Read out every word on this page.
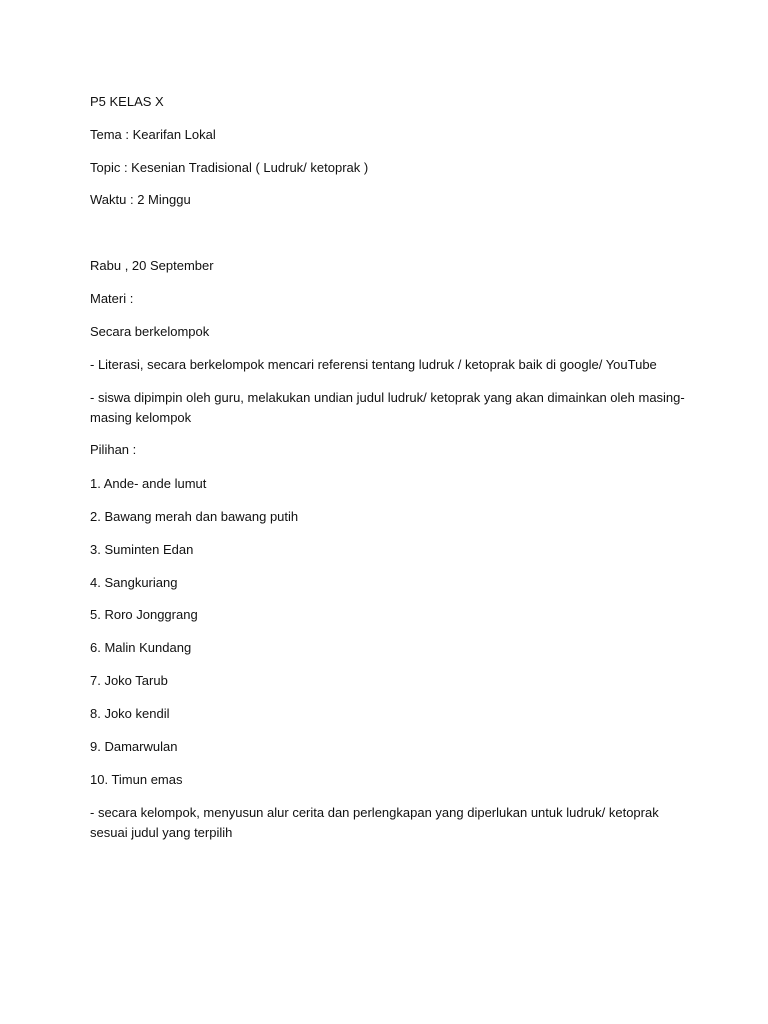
P5 KELAS X
Tema : Kearifan Lokal
Topic : Kesenian Tradisional ( Ludruk/ ketoprak )
Waktu : 2 Minggu
Rabu , 20 September
Materi :
Secara berkelompok
- Literasi, secara berkelompok mencari referensi tentang ludruk / ketoprak baik di google/ YouTube
- siswa dipimpin oleh guru, melakukan undian judul ludruk/ ketoprak yang akan dimainkan oleh masing-
masing kelompok
Pilihan :
1. Ande- ande lumut
2. Bawang merah dan bawang putih
3. Suminten Edan
4. Sangkuriang
5. Roro Jonggrang
6. Malin Kundang
7. Joko Tarub
8. Joko kendil
9. Damarwulan
10. Timun emas
- secara kelompok, menyusun alur cerita dan perlengkapan yang diperlukan untuk ludruk/ ketoprak
sesuai judul yang terpilih
